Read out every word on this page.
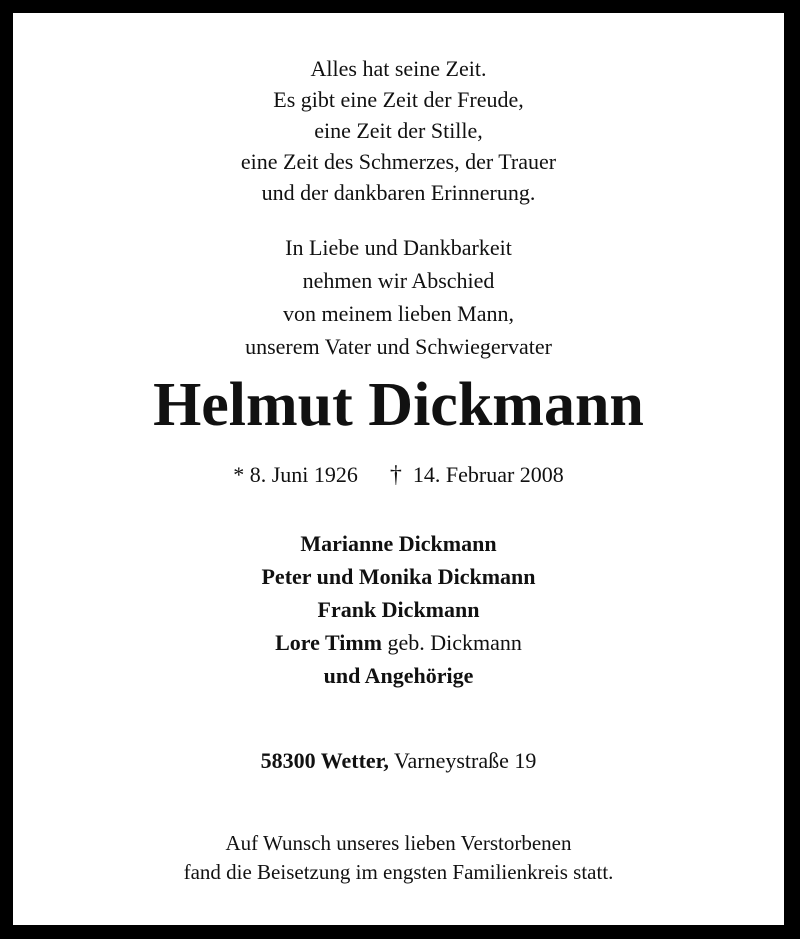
Alles hat seine Zeit.
Es gibt eine Zeit der Freude,
eine Zeit der Stille,
eine Zeit des Schmerzes, der Trauer
und der dankbaren Erinnerung.
In Liebe und Dankbarkeit
nehmen wir Abschied
von meinem lieben Mann,
unserem Vater und Schwiegervater
Helmut Dickmann
* 8. Juni 1926 † 14. Februar 2008
Marianne Dickmann
Peter und Monika Dickmann
Frank Dickmann
Lore Timm geb. Dickmann
und Angehörige
58300 Wetter, Varneystraße 19
Auf Wunsch unseres lieben Verstorbenen
fand die Beisetzung im engsten Familienkreis statt.
